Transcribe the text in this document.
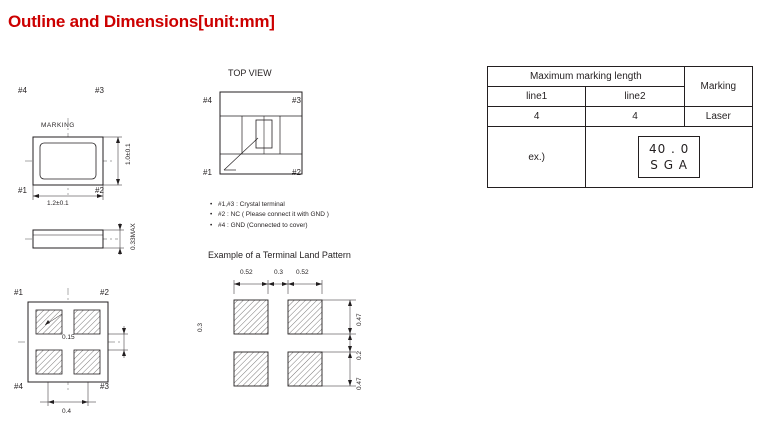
Outline and Dimensions[unit:mm]
#4	#3
#1	#2
MARKING
1.2±0.1
1.0±0.1
0.33MAX
#1	#2
#4	#3
0.15
0.3
0.4
TOP VIEW
#4	#3
#1	#2
• #1,#3 : Crystal terminal
• #2 : NC ( Please connect it with GND )
• #4 : GND (Connected to cover)
Example of a Terminal Land Pattern
0.52	0.3 0.52
0.47
0.2
0.47
Maximum marking length		Marking
line1	line2	
4	4	Laser
ex.)	40 . 0
S G A	
